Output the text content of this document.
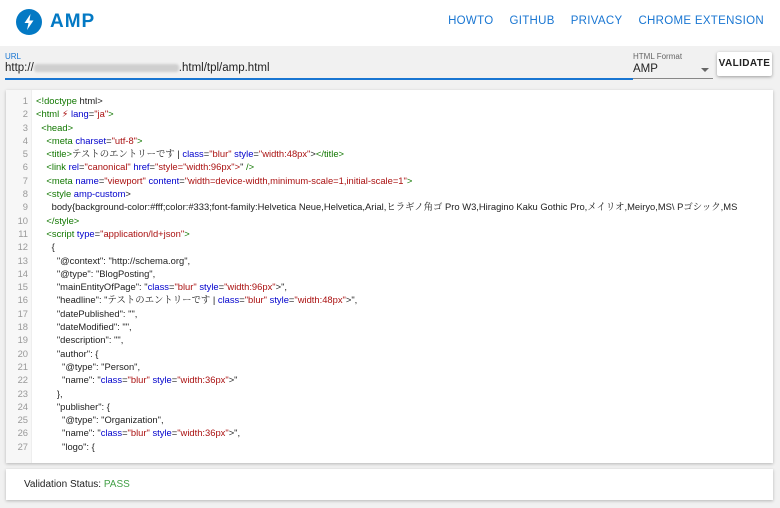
AMP	HOWTO GITHUB PRIVACY CHROME EXTENSION
URL
http://	.html/tpl/amp.html
HTML Format
AMP	VALIDATE
1 <!doctype html>
2 <html ⚡ lang="ja">
3	<head>
4	<meta charset="utf-8">
5	<title>テストのエントリーです | class="blur" style="width:48px"></title>
6	<link rel="canonical" href="style="width:96px">" />
7	<meta name="viewport" content="width=device-width,minimum-scale=1,initial-scale=1">
8	<style amp-custom>
9 body{background-color:#fff;color:#333;font-family:Helvetica Neue,Helvetica,Arial,ヒラギノ角ゴ Pro W3,Hiragino Kaku Gothic Pro,メイリオ,Meiryo,MS\ Pゴシック,MS
10	</style>
11	<script type="application/ld+json">
12 {
13 "@context": "http://schema.org",
14 "@type": "BlogPosting",
15 "mainEntityOfPage": "class="blur" style="width:96px">",
16 "headline": "テストのエントリーです | class="blur" style="width:48px">",
17 "datePublished": "",
18 "dateModified": "",
19 "description": "",
20 "author": {
21 "@type": "Person",
22 "name": "class="blur" style="width:36px">"
23 },
24 "publisher": {
25 "@type": "Organization",
26 "name": "class="blur" style="width:36px">",
27 "logo": {
Validation Status: PASS
